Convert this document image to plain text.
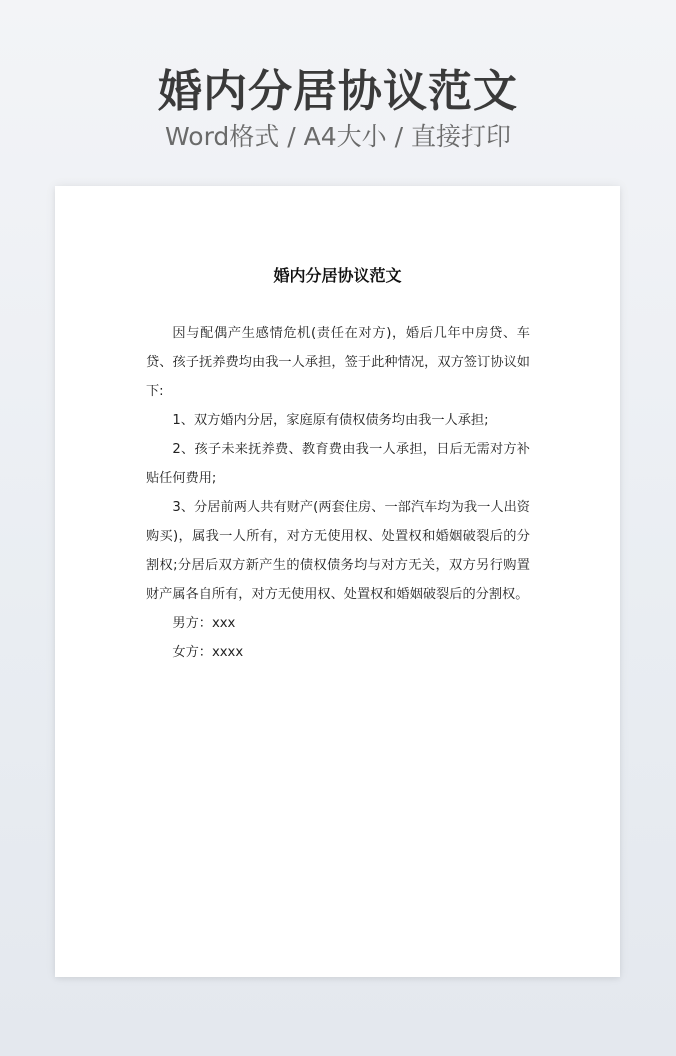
婚内分居协议范文
Word格式 / A4大小 / 直接打印
婚内分居协议范文

因与配偶产生感情危机(责任在对方)，婚后几年中房贷、车贷、孩子抚养费均由我一人承担，签于此种情况，双方签订协议如下:

1、双方婚内分居，家庭原有债权债务均由我一人承担;

2、孩子未来抚养费、教育费由我一人承担，日后无需对方补贴任何费用;

3、分居前两人共有财产(两套住房、一部汽车均为我一人出资购买)，属我一人所有，对方无使用权、处置权和婚姻破裂后的分割权;分居后双方新产生的债权债务均与对方无关，双方另行购置财产属各自所有，对方无使用权、处置权和婚姻破裂后的分割权。

男方：xxx

女方：xxxx
